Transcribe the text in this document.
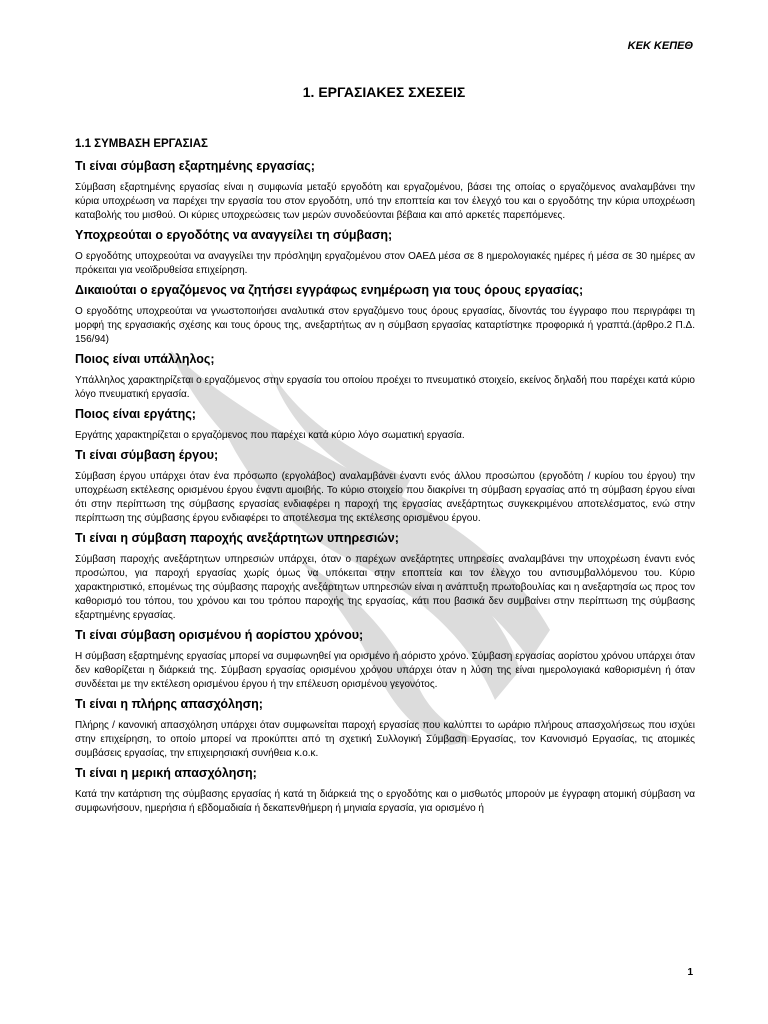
ΚΕΚ ΚΕΠΕΘ
1. ΕΡΓΑΣΙΑΚΕΣ ΣΧΕΣΕΙΣ
1.1 ΣΥΜΒΑΣΗ ΕΡΓΑΣΙΑΣ
Τι είναι σύμβαση εξαρτημένης εργασίας;
Σύμβαση εξαρτημένης εργασίας είναι η συμφωνία μεταξύ εργοδότη και εργαζομένου, βάσει της οποίας ο εργαζόμενος αναλαμβάνει την κύρια υποχρέωση να παρέχει την εργασία του στον εργοδότη, υπό την εποπτεία και τον έλεγχό του και ο εργοδότης την κύρια υποχρέωση καταβολής του μισθού. Οι κύριες υποχρεώσεις των μερών συνοδεύονται βέβαια και από αρκετές παρεπόμενες.
Υποχρεούται ο εργοδότης να αναγγείλει τη σύμβαση;
Ο εργοδότης υποχρεούται να αναγγείλει την πρόσληψη εργαζομένου στον ΟΑΕΔ μέσα σε 8 ημερολογιακές ημέρες ή μέσα σε 30 ημέρες αν πρόκειται για νεοϊδρυθείσα επιχείρηση.
Δικαιούται ο εργαζόμενος να ζητήσει εγγράφως ενημέρωση για τους όρους εργασίας;
Ο εργοδότης υποχρεούται να γνωστοποιήσει αναλυτικά στον εργαζόμενο τους όρους εργασίας, δίνοντάς του έγγραφο που περιγράφει τη μορφή της εργασιακής σχέσης και τους όρους της, ανεξαρτήτως αν η σύμβαση εργασίας καταρτίστηκε προφορικά ή γραπτά.(άρθρο.2 Π.Δ. 156/94)
Ποιος είναι υπάλληλος;
Υπάλληλος χαρακτηρίζεται ο εργαζόμενος στην εργασία του οποίου προέχει το πνευματικό στοιχείο, εκείνος δηλαδή που παρέχει κατά κύριο λόγο πνευματική εργασία.
Ποιος είναι εργάτης;
Εργάτης χαρακτηρίζεται ο εργαζόμενος που παρέχει κατά κύριο λόγο σωματική εργασία.
Τι είναι σύμβαση έργου;
Σύμβαση έργου υπάρχει όταν ένα πρόσωπο (εργολάβος) αναλαμβάνει έναντι ενός άλλου προσώπου (εργοδότη / κυρίου του έργου) την υποχρέωση εκτέλεσης ορισμένου έργου έναντι αμοιβής. Το κύριο στοιχείο που διακρίνει τη σύμβαση εργασίας από τη σύμβαση έργου είναι ότι στην περίπτωση της σύμβασης εργασίας ενδιαφέρει η παροχή της εργασίας ανεξάρτητως συγκεκριμένου αποτελέσματος, ενώ στην περίπτωση της σύμβασης έργου ενδιαφέρει το αποτέλεσμα της εκτέλεσης ορισμένου έργου.
Τι είναι η σύμβαση παροχής ανεξάρτητων υπηρεσιών;
Σύμβαση παροχής ανεξάρτητων υπηρεσιών υπάρχει, όταν ο παρέχων ανεξάρτητες υπηρεσίες αναλαμβάνει την υποχρέωση έναντι ενός προσώπου, για παροχή εργασίας χωρίς όμως να υπόκειται στην εποπτεία και τον έλεγχο του αντισυμβαλλόμενου του. Κύριο χαρακτηριστικό, επομένως της σύμβασης παροχής ανεξάρτητων υπηρεσιών είναι η ανάπτυξη πρωτοβουλίας και η ανεξαρτησία ως προς τον καθορισμό του τόπου, του χρόνου και του τρόπου παροχής της εργασίας, κάτι που βασικά δεν συμβαίνει στην περίπτωση της σύμβασης εξαρτημένης εργασίας.
Τι είναι σύμβαση ορισμένου ή αορίστου χρόνου;
Η σύμβαση εξαρτημένης εργασίας μπορεί να συμφωνηθεί για ορισμένο ή αόριστο χρόνο. Σύμβαση εργασίας αορίστου χρόνου υπάρχει όταν δεν καθορίζεται η διάρκειά της. Σύμβαση εργασίας ορισμένου χρόνου υπάρχει όταν η λύση της είναι ημερολογιακά καθορισμένη ή όταν συνδέεται με την εκτέλεση ορισμένου έργου ή την επέλευση ορισμένου γεγονότος.
Τι είναι η πλήρης απασχόληση;
Πλήρης / κανονική απασχόληση υπάρχει όταν συμφωνείται παροχή εργασίας που καλύπτει το ωράριο πλήρους απασχολήσεως που ισχύει στην επιχείρηση, το οποίο μπορεί να προκύπτει από τη σχετική Συλλογική Σύμβαση Εργασίας, τον Κανονισμό Εργασίας, τις ατομικές συμβάσεις εργασίας, την επιχειρησιακή συνήθεια κ.ο.κ.
Τι είναι η μερική απασχόληση;
Κατά την κατάρτιση της σύμβασης εργασίας ή κατά τη διάρκειά της ο εργοδότης και ο μισθωτός μπορούν με έγγραφη ατομική σύμβαση να συμφωνήσουν, ημερήσια ή εβδομαδιαία ή δεκαπενθήμερη ή μηνιαία εργασία, για ορισμένο ή
1
